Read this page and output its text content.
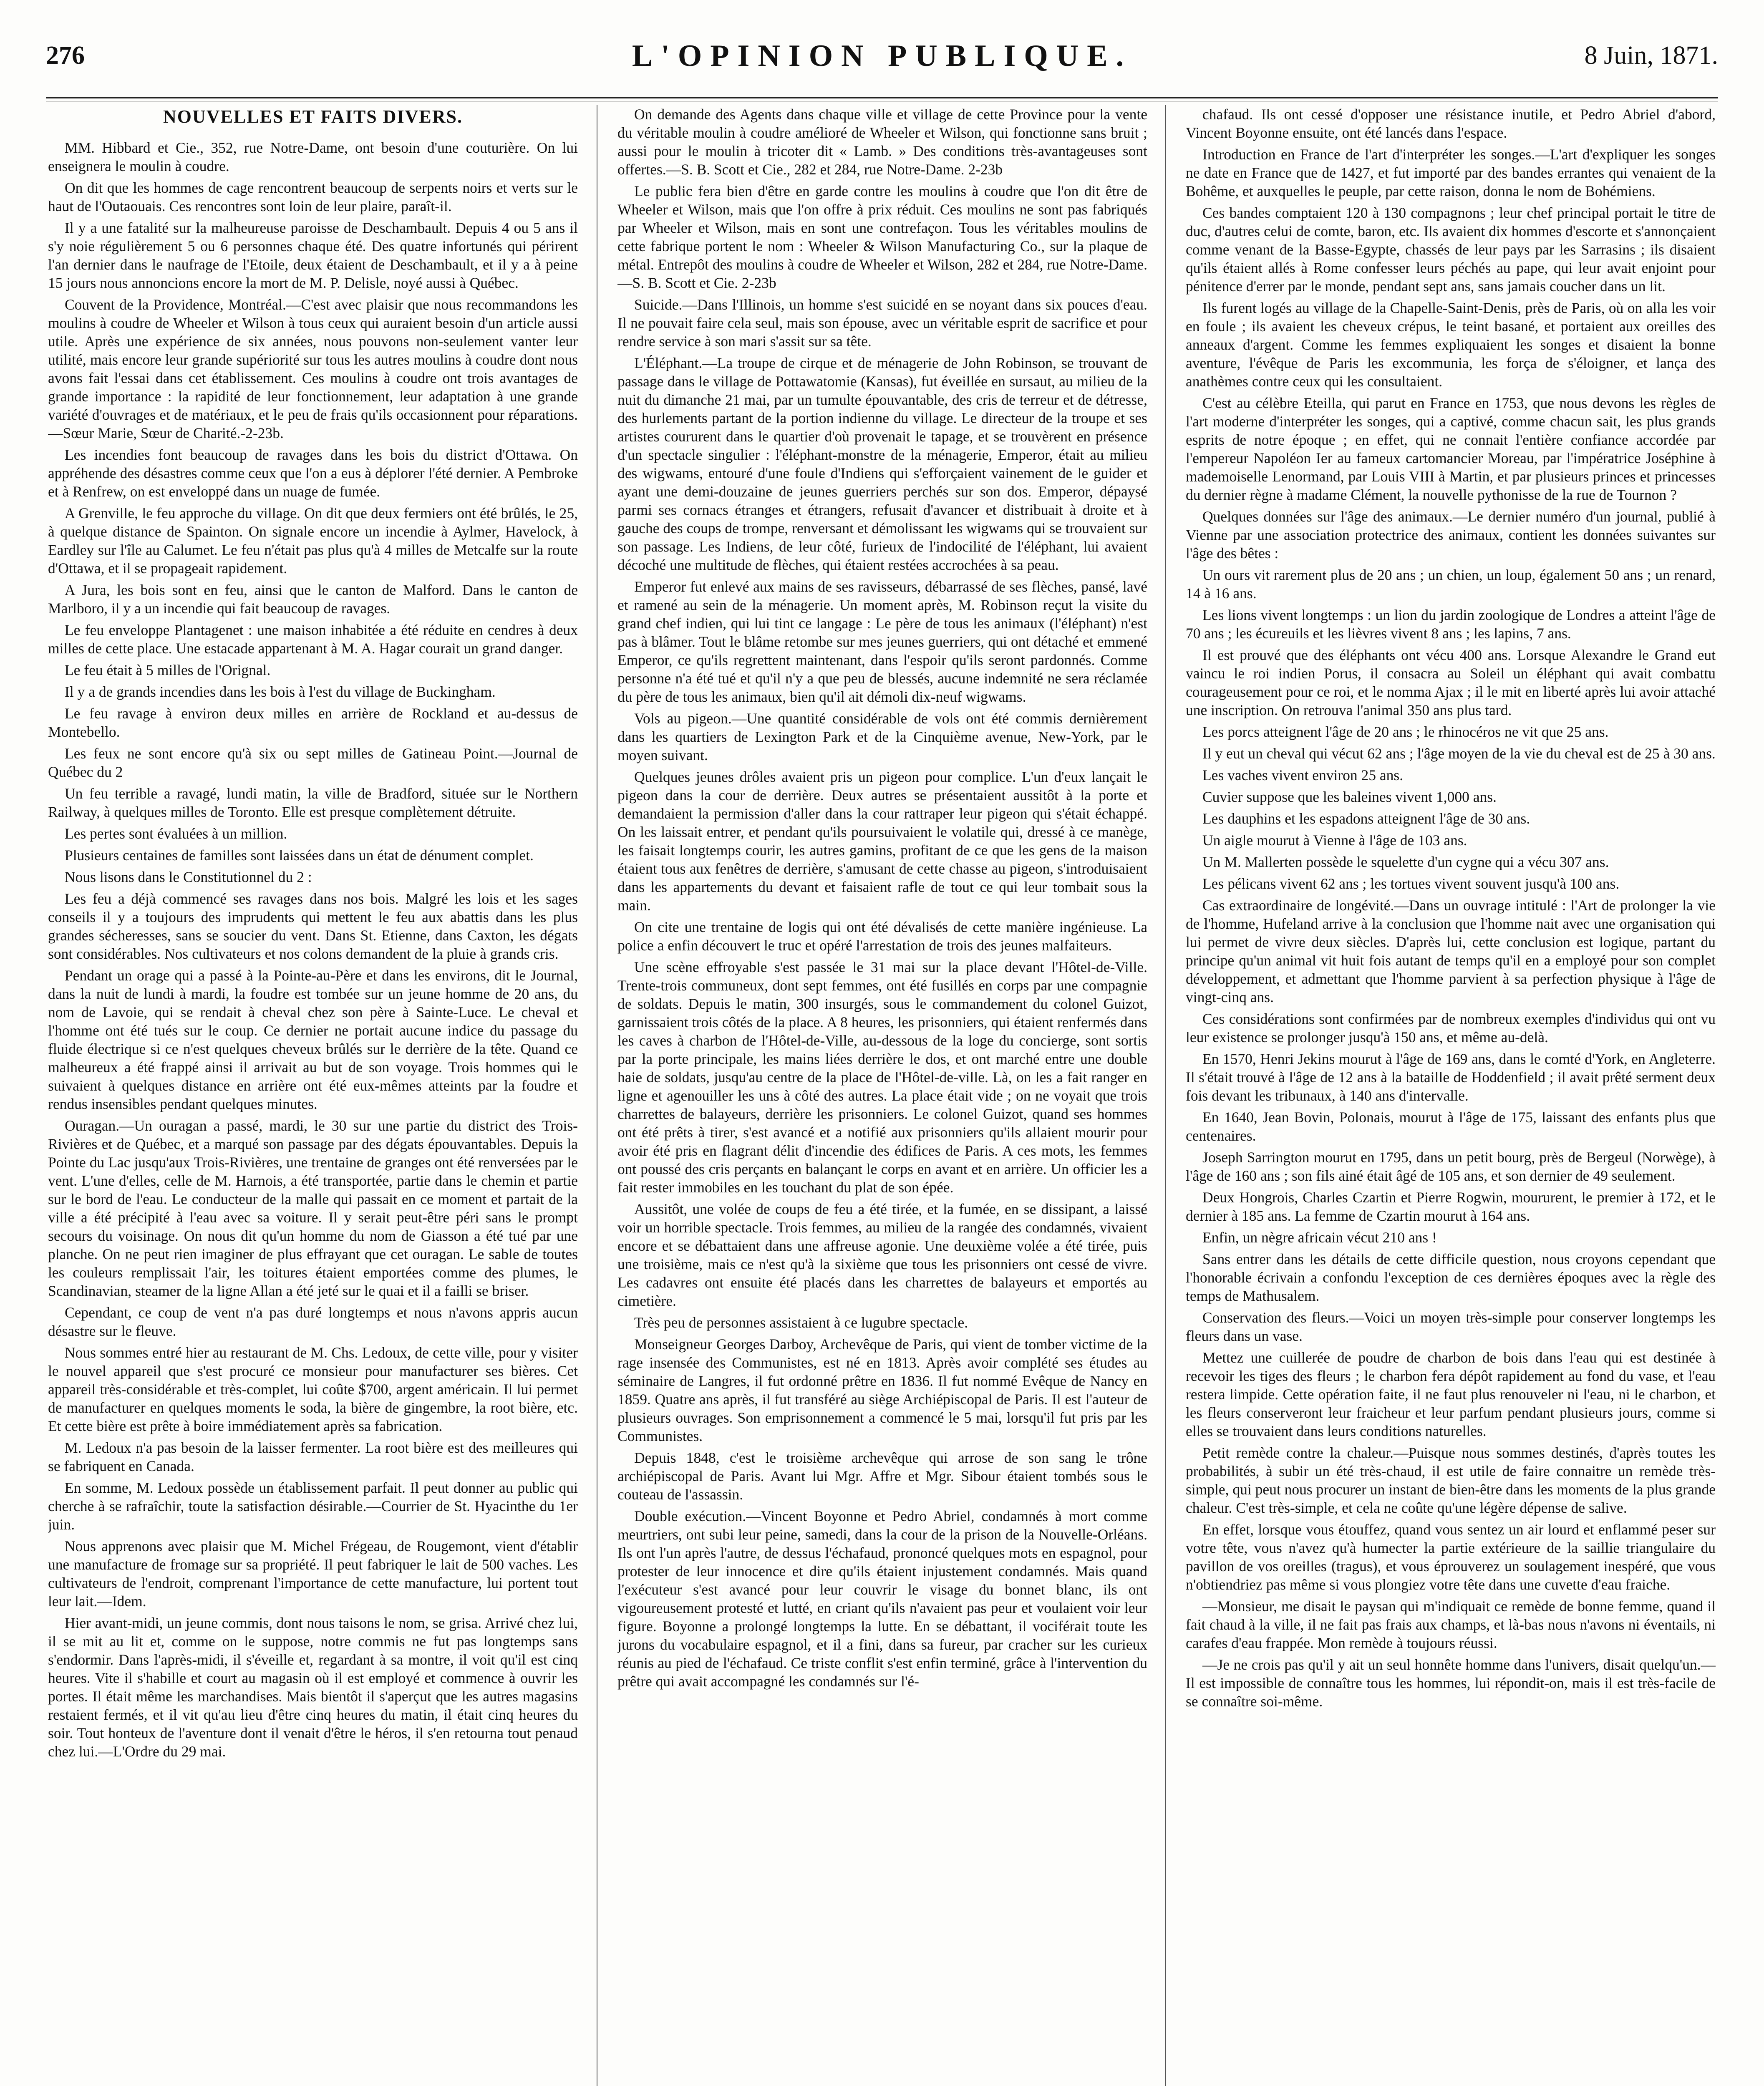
276	L'OPINION PUBLIQUE.	8 Juin, 1871.
NOUVELLES ET FAITS DIVERS.

MM. Hibbard et Cie., 352, rue Notre-Dame, ont besoin d'une couturière. On lui enseignera le moulin à coudre.

On dit que les hommes de cage rencontrent beaucoup de serpents noirs et verts sur le haut de l'Outaouais. Ces rencontres sont loin de leur plaire, paraît-il.

Il y a une fatalité sur la malheureuse paroisse de Deschambault. Depuis 4 ou 5 ans il s'y noie régulièrement 5 ou 6 personnes chaque été. Des quatre infortunés qui périrent l'an dernier dans le naufrage de l'Etoile, deux étaient de Deschambault, et il y a à peine 15 jours nous annoncions encore la mort de M. P. Delisle, noyé aussi à Québec.

Couvent de la Providence, Montréal.—C'est avec plaisir que nous recommandons les moulins à coudre de Wheeler et Wilson à tous ceux qui auraient besoin d'un article aussi utile. Après une expérience de six années, nous pouvons non-seulement vanter leur utilité, mais encore leur grande supériorité sur tous les autres moulins à coudre dont nous avons fait l'essai dans cet établissement. Ces moulins à coudre ont trois avantages de grande importance : la rapidité de leur fonctionnement, leur adaptation à une grande variété d'ouvrages et de matériaux, et le peu de frais qu'ils occasionnent pour réparations.—Sœur Marie, Sœur de Charité.-2-23b.

Les incendies font beaucoup de ravages dans les bois du district d'Ottawa. On appréhende des désastres comme ceux que l'on a eus à déplorer l'été dernier. A Pembroke et à Renfrew, on est enveloppé dans un nuage de fumée.

A Grenville, le feu approche du village. On dit que deux fermiers ont été brûlés, le 25, à quelque distance de Spainton. On signale encore un incendie à Aylmer, Havelock, à Eardley sur l'île au Calumet. Le feu n'était pas plus qu'à 4 milles de Metcalfe sur la route d'Ottawa, et il se propageait rapidement.

A Jura, les bois sont en feu, ainsi que le canton de Malford. Dans le canton de Marlboro, il y a un incendie qui fait beaucoup de ravages.

Le feu enveloppe Plantagenet : une maison inhabitée a été réduite en cendres à deux milles de cette place. Une estacade appartenant à M. A. Hagar courait un grand danger.

Le feu était à 5 milles de l'Orignal.

Il y a de grands incendies dans les bois à l'est du village de Buckingham.

Le feu ravage à environ deux milles en arrière de Rockland et au-dessus de Montebello.

Les feux ne sont encore qu'à six ou sept milles de Gatineau Point.—Journal de Québec du 2

Un feu terrible a ravagé, lundi matin, la ville de Bradford, située sur le Northern Railway, à quelques milles de Toronto. Elle est presque complètement détruite.

Les pertes sont évaluées à un million.

Plusieurs centaines de familles sont laissées dans un état de dénument complet.

Nous lisons dans le Constitutionnel du 2 :

Les feu a déjà commencé ses ravages dans nos bois. Malgré les lois et les sages conseils il y a toujours des imprudents qui mettent le feu aux abattis dans les plus grandes sécheresses, sans se soucier du vent. Dans St. Etienne, dans Caxton, les dégats sont considérables. Nos cultivateurs et nos colons demandent de la pluie à grands cris.

Pendant un orage qui a passé à la Pointe-au-Père et dans les environs, dit le Journal, dans la nuit de lundi à mardi, la foudre est tombée sur un jeune homme de 20 ans, du nom de Lavoie, qui se rendait à cheval chez son père à Sainte-Luce. Le cheval et l'homme ont été tués sur le coup. Ce dernier ne portait aucune indice du passage du fluide électrique si ce n'est quelques cheveux brûlés sur le derrière de la tête. Quand ce malheureux a été frappé ainsi il arrivait au but de son voyage. Trois hommes qui le suivaient à quelques distance en arrière ont été eux-mêmes atteints par la foudre et rendus insensibles pendant quelques minutes.

Ouragan.—Un ouragan a passé, mardi, le 30 sur une partie du district des Trois-Rivières et de Québec, et a marqué son passage par des dégats épouvantables. Depuis la Pointe du Lac jusqu'aux Trois-Rivières, une trentaine de granges ont été renversées par le vent. L'une d'elles, celle de M. Harnois, a été transportée, partie dans le chemin et partie sur le bord de l'eau. Le conducteur de la malle qui passait en ce moment et partait de la ville a été précipité à l'eau avec sa voiture. Il y serait peut-être péri sans le prompt secours du voisinage. On nous dit qu'un homme du nom de Giasson a été tué par une planche. On ne peut rien imaginer de plus effrayant que cet ouragan. Le sable de toutes les couleurs remplissait l'air, les toitures étaient emportées comme des plumes, le Scandinavian, steamer de la ligne Allan a été jeté sur le quai et il a failli se briser.

Cependant, ce coup de vent n'a pas duré longtemps et nous n'avons appris aucun désastre sur le fleuve.

Nous sommes entré hier au restaurant de M. Chs. Ledoux, de cette ville, pour y visiter le nouvel appareil que s'est procuré ce monsieur pour manufacturer ses bières. Cet appareil très-considérable et très-complet, lui coûte $700, argent américain. Il lui permet de manufacturer en quelques moments le soda, la bière de gingembre, la root bière, etc. Et cette bière est prête à boire immédiatement après sa fabrication.

M. Ledoux n'a pas besoin de la laisser fermenter. La root bière est des meilleures qui se fabriquent en Canada.

En somme, M. Ledoux possède un établissement parfait. Il peut donner au public qui cherche à se rafraîchir, toute la satisfaction désirable.—Courrier de St. Hyacinthe du 1er juin.

Nous apprenons avec plaisir que M. Michel Frégeau, de Rougemont, vient d'établir une manufacture de fromage sur sa propriété. Il peut fabriquer le lait de 500 vaches. Les cultivateurs de l'endroit, comprenant l'importance de cette manufacture, lui portent tout leur lait.—Idem.

Hier avant-midi, un jeune commis, dont nous taisons le nom, se grisa. Arrivé chez lui, il se mit au lit et, comme on le suppose, notre commis ne fut pas longtemps sans s'endormir. Dans l'après-midi, il s'éveille et, regardant à sa montre, il voit qu'il est cinq heures. Vite il s'habille et court au magasin où il est employé et commence à ouvrir les portes. Il était même les marchandises. Mais bientôt il s'aperçut que les autres magasins restaient fermés, et il vit qu'au lieu d'être cinq heures du matin, il était cinq heures du soir. Tout honteux de l'aventure dont il venait d'être le héros, il s'en retourna tout penaud chez lui.—L'Ordre du 29 mai.

On demande des Agents dans chaque ville et village de cette Province pour la vente du véritable moulin à coudre amélioré de Wheeler et Wilson, qui fonctionne sans bruit ; aussi pour le moulin à tricoter dit « Lamb. » Des conditions très-avantageuses sont offertes.—S. B. Scott et Cie., 282 et 284, rue Notre-Dame. 2-23b

Le public fera bien d'être en garde contre les moulins à coudre que l'on dit être de Wheeler et Wilson, mais que l'on offre à prix réduit. Ces moulins ne sont pas fabriqués par Wheeler et Wilson, mais en sont une contrefaçon. Tous les véritables moulins de cette fabrique portent le nom : Wheeler & Wilson Manufacturing Co., sur la plaque de métal. Entrepôt des moulins à coudre de Wheeler et Wilson, 282 et 284, rue Notre-Dame.—S. B. Scott et Cie. 2-23b

Suicide.—Dans l'Illinois, un homme s'est suicidé en se noyant dans six pouces d'eau. Il ne pouvait faire cela seul, mais son épouse, avec un véritable esprit de sacrifice et pour rendre service à son mari s'assit sur sa tête.

L'Éléphant.—La troupe de cirque et de ménagerie de John Robinson, se trouvant de passage dans le village de Pottawatomie (Kansas), fut éveillée en sursaut, au milieu de la nuit du dimanche 21 mai, par un tumulte épouvantable, des cris de terreur et de détresse, des hurlements partant de la portion indienne du village. Le directeur de la troupe et ses artistes coururent dans le quartier d'où provenait le tapage, et se trouvèrent en présence d'un spectacle singulier : l'éléphant-monstre de la ménagerie, Emperor, était au milieu des wigwams, entouré d'une foule d'Indiens qui s'efforçaient vainement de le guider et ayant une demi-douzaine de jeunes guerriers perchés sur son dos. Emperor, dépaysé parmi ses cornacs étranges et étrangers, refusait d'avancer et distribuait à droite et à gauche des coups de trompe, renversant et démolissant les wigwams qui se trouvaient sur son passage. Les Indiens, de leur côté, furieux de l'indocilité de l'éléphant, lui avaient décoché une multitude de flèches, qui étaient restées accrochées à sa peau.

Emperor fut enlevé aux mains de ses ravisseurs, débarrassé de ses flèches, pansé, lavé et ramené au sein de la ménagerie. Un moment après, M. Robinson reçut la visite du grand chef indien, qui lui tint ce langage : Le père de tous les animaux (l'éléphant) n'est pas à blâmer. Tout le blâme retombe sur mes jeunes guerriers, qui ont détaché et emmené Emperor, ce qu'ils regrettent maintenant, dans l'espoir qu'ils seront pardonnés. Comme personne n'a été tué et qu'il n'y a que peu de blessés, aucune indemnité ne sera réclamée du père de tous les animaux, bien qu'il ait démoli dix-neuf wigwams.

Vols au pigeon.—Une quantité considérable de vols ont été commis dernièrement dans les quartiers de Lexington Park et de la Cinquième avenue, New-York, par le moyen suivant.

Quelques jeunes drôles avaient pris un pigeon pour complice. L'un d'eux lançait le pigeon dans la cour de derrière. Deux autres se présentaient aussitôt à la porte et demandaient la permission d'aller dans la cour rattraper leur pigeon qui s'était échappé. On les laissait entrer, et pendant qu'ils poursuivaient le volatile qui, dressé à ce manège, les faisait longtemps courir, les autres gamins, profitant de ce que les gens de la maison étaient tous aux fenêtres de derrière, s'amusant de cette chasse au pigeon, s'introduisaient dans les appartements du devant et faisaient rafle de tout ce qui leur tombait sous la main.

On cite une trentaine de logis qui ont été dévalisés de cette manière ingénieuse. La police a enfin découvert le truc et opéré l'arrestation de trois des jeunes malfaiteurs.

Une scène effroyable s'est passée le 31 mai sur la place devant l'Hôtel-de-Ville. Trente-trois communeux, dont sept femmes, ont été fusillés en corps par une compagnie de soldats. Depuis le matin, 300 insurgés, sous le commandement du colonel Guizot, garnissaient trois côtés de la place. A 8 heures, les prisonniers, qui étaient renfermés dans les caves à charbon de l'Hôtel-de-Ville, au-dessous de la loge du concierge, sont sortis par la porte principale, les mains liées derrière le dos, et ont marché entre une double haie de soldats, jusqu'au centre de la place de l'Hôtel-de-ville. Là, on les a fait ranger en ligne et agenouiller les uns à côté des autres. La place était vide ; on ne voyait que trois charrettes de balayeurs, derrière les prisonniers. Le colonel Guizot, quand ses hommes ont été prêts à tirer, s'est avancé et a notifié aux prisonniers qu'ils allaient mourir pour avoir été pris en flagrant délit d'incendie des édifices de Paris. A ces mots, les femmes ont poussé des cris perçants en balançant le corps en avant et en arrière. Un officier les a fait rester immobiles en les touchant du plat de son épée.

Aussitôt, une volée de coups de feu a été tirée, et la fumée, en se dissipant, a laissé voir un horrible spectacle. Trois femmes, au milieu de la rangée des condamnés, vivaient encore et se débattaient dans une affreuse agonie. Une deuxième volée a été tirée, puis une troisième, mais ce n'est qu'à la sixième que tous les prisonniers ont cessé de vivre. Les cadavres ont ensuite été placés dans les charrettes de balayeurs et emportés au cimetière.

Très peu de personnes assistaient à ce lugubre spectacle.

Monseigneur Georges Darboy, Archevêque de Paris, qui vient de tomber victime de la rage insensée des Communistes, est né en 1813. Après avoir complété ses études au séminaire de Langres, il fut ordonné prêtre en 1836. Il fut nommé Evêque de Nancy en 1859. Quatre ans après, il fut transféré au siège Archiépiscopal de Paris. Il est l'auteur de plusieurs ouvrages. Son emprisonnement a commencé le 5 mai, lorsqu'il fut pris par les Communistes.

Depuis 1848, c'est le troisième archevêque qui arrose de son sang le trône archiépiscopal de Paris. Avant lui Mgr. Affre et Mgr. Sibour étaient tombés sous le couteau de l'assassin.

Double exécution.—Vincent Boyonne et Pedro Abriel, condamnés à mort comme meurtriers, ont subi leur peine, samedi, dans la cour de la prison de la Nouvelle-Orléans. Ils ont l'un après l'autre, de dessus l'échafaud, prononcé quelques mots en espagnol, pour protester de leur innocence et dire qu'ils étaient injustement condamnés. Mais quand l'exécuteur s'est avancé pour leur couvrir le visage du bonnet blanc, ils ont vigoureusement protesté et lutté, en criant qu'ils n'avaient pas peur et voulaient voir leur figure. Boyonne a prolongé longtemps la lutte. En se débattant, il vociférait toute les jurons du vocabulaire espagnol, et il a fini, dans sa fureur, par cracher sur les curieux réunis au pied de l'échafaud. Ce triste conflit s'est enfin terminé, grâce à l'intervention du prêtre qui avait accompagné les condamnés sur l'é-

chafaud. Ils ont cessé d'opposer une résistance inutile, et Pedro Abriel d'abord, Vincent Boyonne ensuite, ont été lancés dans l'espace.

Introduction en France de l'art d'interpréter les songes.—L'art d'expliquer les songes ne date en France que de 1427, et fut importé par des bandes errantes qui venaient de la Bohême, et auxquelles le peuple, par cette raison, donna le nom de Bohémiens.

Ces bandes comptaient 120 à 130 compagnons ; leur chef principal portait le titre de duc, d'autres celui de comte, baron, etc. Ils avaient dix hommes d'escorte et s'annonçaient comme venant de la Basse-Egypte, chassés de leur pays par les Sarrasins ; ils disaient qu'ils étaient allés à Rome confesser leurs péchés au pape, qui leur avait enjoint pour pénitence d'errer par le monde, pendant sept ans, sans jamais coucher dans un lit.

Ils furent logés au village de la Chapelle-Saint-Denis, près de Paris, où on alla les voir en foule ; ils avaient les cheveux crépus, le teint basané, et portaient aux oreilles des anneaux d'argent. Comme les femmes expliquaient les songes et disaient la bonne aventure, l'évêque de Paris les excommunia, les força de s'éloigner, et lança des anathèmes contre ceux qui les consultaient.

C'est au célèbre Eteilla, qui parut en France en 1753, que nous devons les règles de l'art moderne d'interpréter les songes, qui a captivé, comme chacun sait, les plus grands esprits de notre époque ; en effet, qui ne connait l'entière confiance accordée par l'empereur Napoléon Ier au fameux cartomancier Moreau, par l'impératrice Joséphine à mademoiselle Lenormand, par Louis VIII à Martin, et par plusieurs princes et princesses du dernier règne à madame Clément, la nouvelle pythonisse de la rue de Tournon ?

Quelques données sur l'âge des animaux.—Le dernier numéro d'un journal, publié à Vienne par une association protectrice des animaux, contient les données suivantes sur l'âge des bêtes :

Un ours vit rarement plus de 20 ans ; un chien, un loup, également 50 ans ; un renard, 14 à 16 ans.

Les lions vivent longtemps : un lion du jardin zoologique de Londres a atteint l'âge de 70 ans ; les écureuils et les lièvres vivent 8 ans ; les lapins, 7 ans.

Il est prouvé que des éléphants ont vécu 400 ans. Lorsque Alexandre le Grand eut vaincu le roi indien Porus, il consacra au Soleil un éléphant qui avait combattu courageusement pour ce roi, et le nomma Ajax ; il le mit en liberté après lui avoir attaché une inscription. On retrouva l'animal 350 ans plus tard.

Les porcs atteignent l'âge de 20 ans ; le rhinocéros ne vit que 25 ans.

Il y eut un cheval qui vécut 62 ans ; l'âge moyen de la vie du cheval est de 25 à 30 ans.

Les vaches vivent environ 25 ans.

Cuvier suppose que les baleines vivent 1,000 ans.

Les dauphins et les espadons atteignent l'âge de 30 ans.

Un aigle mourut à Vienne à l'âge de 103 ans.

Un M. Mallerten possède le squelette d'un cygne qui a vécu 307 ans.

Les pélicans vivent 62 ans ; les tortues vivent souvent jusqu'à 100 ans.

Cas extraordinaire de longévité.—Dans un ouvrage intitulé : l'Art de prolonger la vie de l'homme, Hufeland arrive à la conclusion que l'homme nait avec une organisation qui lui permet de vivre deux siècles. D'après lui, cette conclusion est logique, partant du principe qu'un animal vit huit fois autant de temps qu'il en a employé pour son complet développement, et admettant que l'homme parvient à sa perfection physique à l'âge de vingt-cinq ans.

Ces considérations sont confirmées par de nombreux exemples d'individus qui ont vu leur existence se prolonger jusqu'à 150 ans, et même au-delà.

En 1570, Henri Jekins mourut à l'âge de 169 ans, dans le comté d'York, en Angleterre. Il s'était trouvé à l'âge de 12 ans à la bataille de Hoddenfield ; il avait prêté serment deux fois devant les tribunaux, à 140 ans d'intervalle.

En 1640, Jean Bovin, Polonais, mourut à l'âge de 175, laissant des enfants plus que centenaires.

Joseph Sarrington mourut en 1795, dans un petit bourg, près de Bergeul (Norwège), à l'âge de 160 ans ; son fils ainé était âgé de 105 ans, et son dernier de 49 seulement.

Deux Hongrois, Charles Czartin et Pierre Rogwin, moururent, le premier à 172, et le dernier à 185 ans. La femme de Czartin mourut à 164 ans.

Enfin, un nègre africain vécut 210 ans !

Sans entrer dans les détails de cette difficile question, nous croyons cependant que l'honorable écrivain a confondu l'exception de ces dernières époques avec la règle des temps de Mathusalem.

Conservation des fleurs.—Voici un moyen très-simple pour conserver longtemps les fleurs dans un vase.

Mettez une cuillerée de poudre de charbon de bois dans l'eau qui est destinée à recevoir les tiges des fleurs ; le charbon fera dépôt rapidement au fond du vase, et l'eau restera limpide. Cette opération faite, il ne faut plus renouveler ni l'eau, ni le charbon, et les fleurs conserveront leur fraicheur et leur parfum pendant plusieurs jours, comme si elles se trouvaient dans leurs conditions naturelles.

Petit remède contre la chaleur.—Puisque nous sommes destinés, d'après toutes les probabilités, à subir un été très-chaud, il est utile de faire connaitre un remède très-simple, qui peut nous procurer un instant de bien-être dans les moments de la plus grande chaleur. C'est très-simple, et cela ne coûte qu'une légère dépense de salive.

En effet, lorsque vous étouffez, quand vous sentez un air lourd et enflammé peser sur votre tête, vous n'avez qu'à humecter la partie extérieure de la saillie triangulaire du pavillon de vos oreilles (tragus), et vous éprouverez un soulagement inespéré, que vous n'obtiendriez pas même si vous plongiez votre tête dans une cuvette d'eau fraiche.

—Monsieur, me disait le paysan qui m'indiquait ce remède de bonne femme, quand il fait chaud à la ville, il ne fait pas frais aux champs, et là-bas nous n'avons ni éventails, ni carafes d'eau frappée. Mon remède à toujours réussi.

—Je ne crois pas qu'il y ait un seul honnête homme dans l'univers, disait quelqu'un.—Il est impossible de connaître tous les hommes, lui répondit-on, mais il est très-facile de se connaître soi-même.
